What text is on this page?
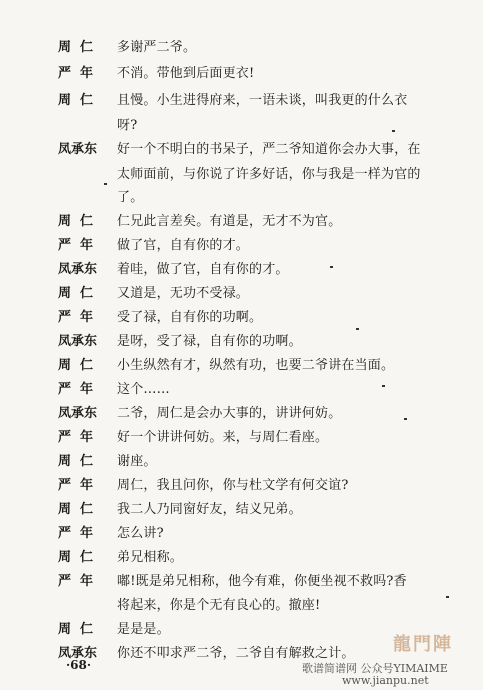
周  仁	多谢严二爷。
严  年	不消。带他到后面更衣!
周  仁	且慢。小生进得府来，一语未谈，叫我更的什么衣
呀?
凤承东	好一个不明白的书呆子，严二爷知道你会办大事，在
太师面前，与你说了许多好话，你与我是一样为官的
了。
周  仁	仁兄此言差矣。有道是，无才不为官。
严  年	做了官，自有你的才。
凤承东	着哇，做了官，自有你的才。
周  仁	又道是，无功不受禄。
严  年	受了禄，自有你的功啊。
凤承东	是呀，受了禄，自有你的功啊。
周  仁	小生纵然有才，纵然有功，也要二爷讲在当面。
严  年	这个……
凤承东	二爷，周仁是会办大事的，讲讲何妨。
严  年	好一个讲讲何妨。来，与周仁看座。
周  仁	谢座。
严  年	周仁，我且问你，你与杜文学有何交谊?
周  仁	我二人乃同窗好友，结义兄弟。
严  年	怎么讲?
周  仁	弟兄相称。
严  年	嘟!既是弟兄相称，他今有难，你便坐视不救吗?香
将起来，你是个无有良心的。撤座!
周  仁	是是是。
凤承东	你还不叩求严二爷，二爷自有解救之计。
·68·
龍門陣
歌谱简谱网 公众号YIMAIME
www.jianpu.net
